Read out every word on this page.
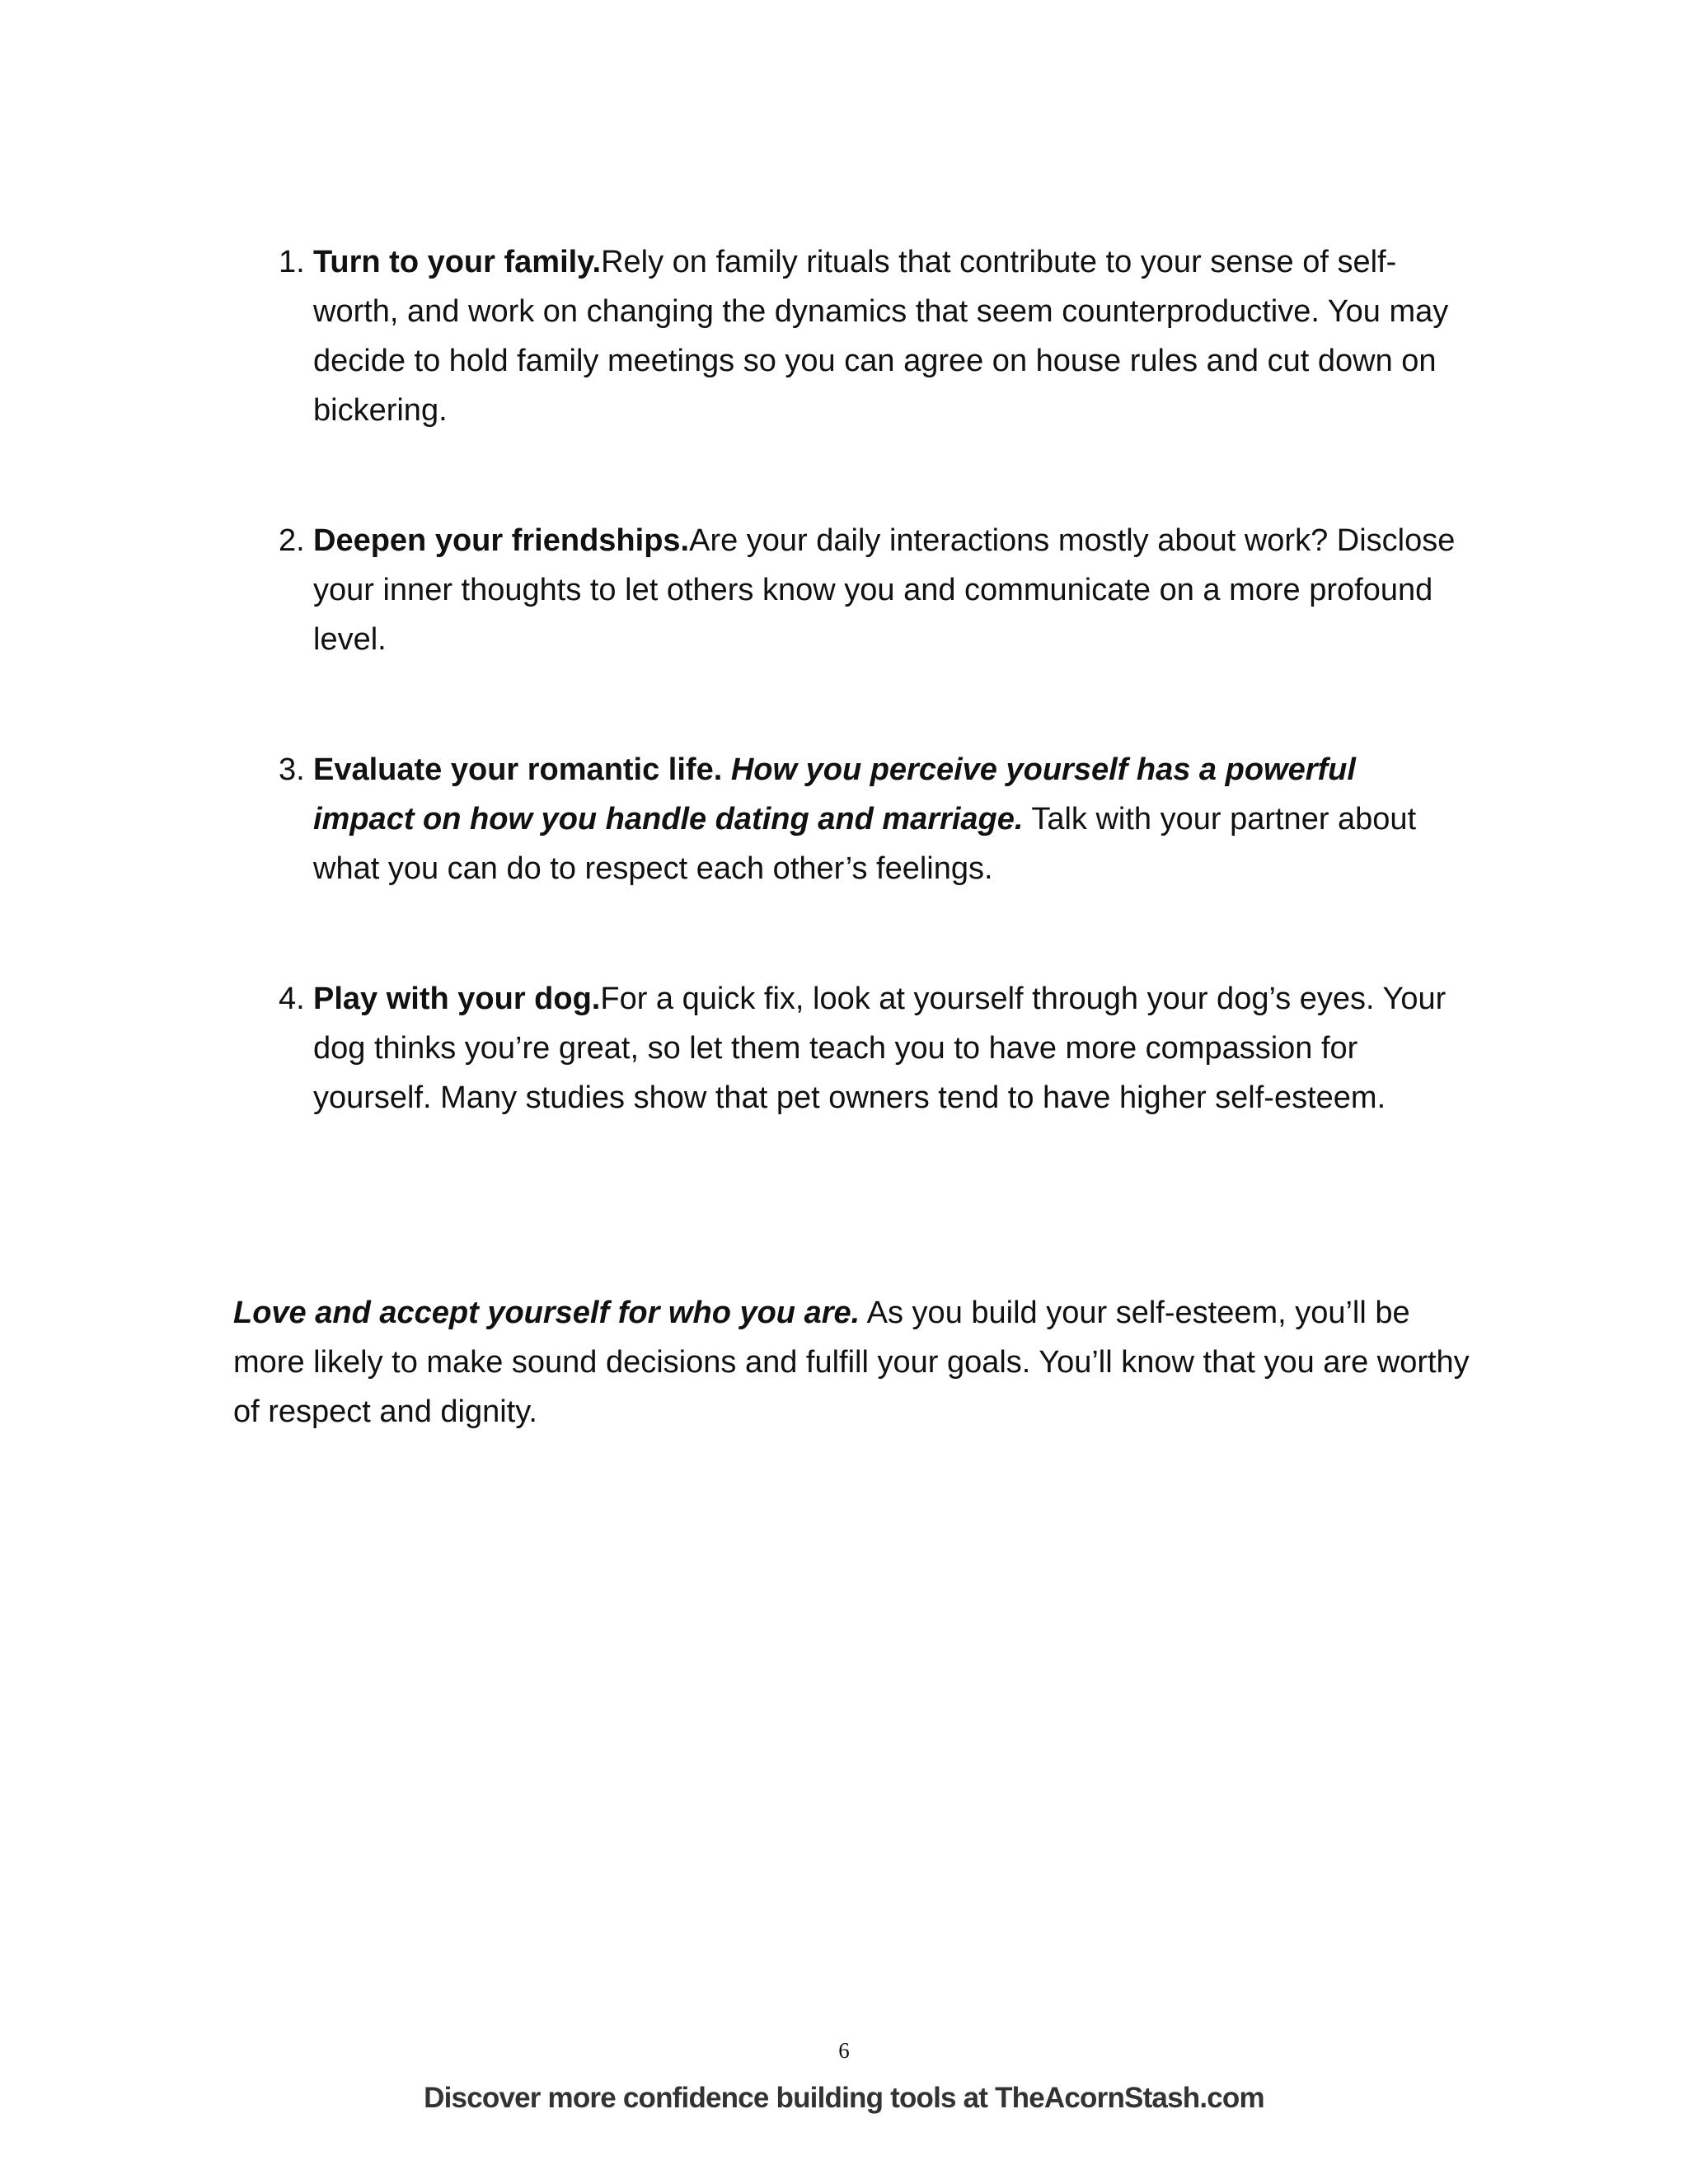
1. Turn to your family.Rely on family rituals that contribute to your sense of self-worth, and work on changing the dynamics that seem counterproductive. You may decide to hold family meetings so you can agree on house rules and cut down on bickering.
2. Deepen your friendships.Are your daily interactions mostly about work? Disclose your inner thoughts to let others know you and communicate on a more profound level.
3. Evaluate your romantic life. How you perceive yourself has a powerful impact on how you handle dating and marriage. Talk with your partner about what you can do to respect each other’s feelings.
4. Play with your dog.For a quick fix, look at yourself through your dog’s eyes. Your dog thinks you’re great, so let them teach you to have more compassion for yourself. Many studies show that pet owners tend to have higher self-esteem.

Love and accept yourself for who you are. As you build your self-esteem, you’ll be more likely to make sound decisions and fulfill your goals. You’ll know that you are worthy of respect and dignity.

6
Discover more confidence building tools at TheAcornStash.com
